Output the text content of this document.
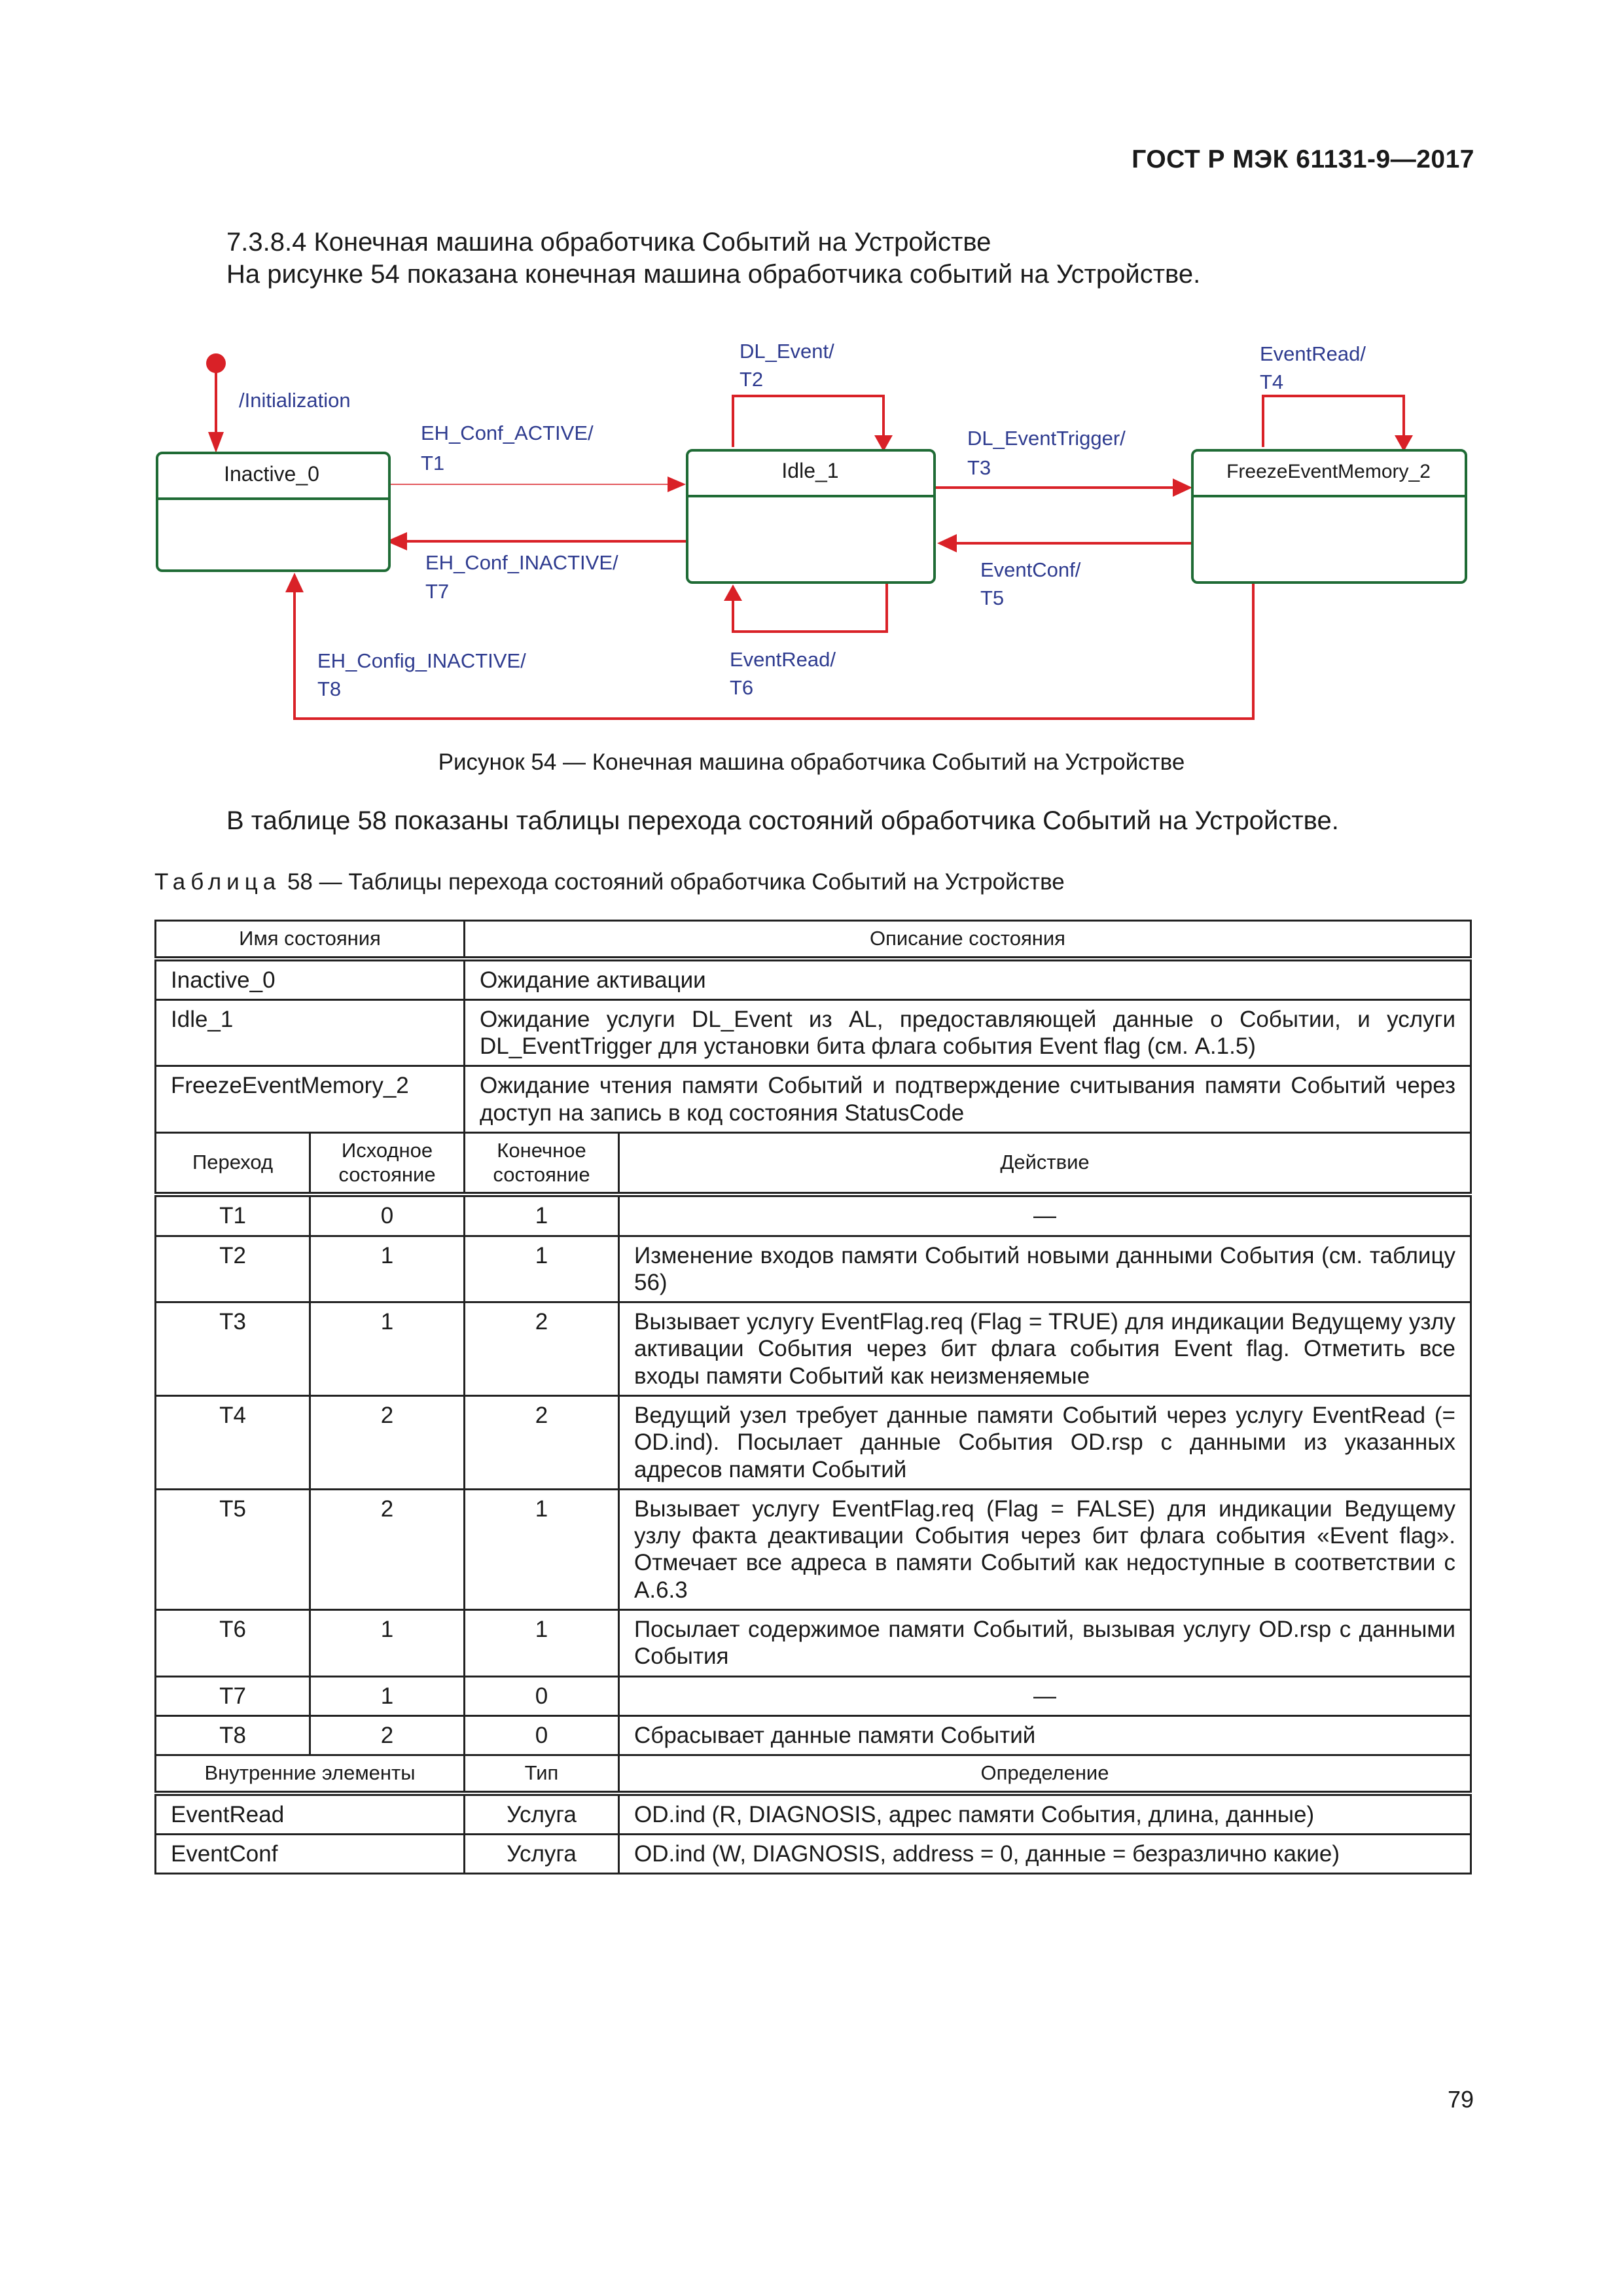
ГОСТ Р МЭК 61131-9—2017
7.3.8.4 Конечная машина обработчика Событий на Устройстве
На рисунке 54 показана конечная машина обработчика событий на Устройстве.
Inactive_0	Idle_1	FreezeEventMemory_2
/Initialization
EH_Conf_ACTIVE/
T1
DL_Event/
T2
DL_EventTrigger/
T3
EventRead/
T4
EventConf/
T5
EventRead/
T6
EH_Conf_INACTIVE/
T7
EH_Config_INACTIVE/
T8
Рисунок 54 — Конечная машина обработчика Событий на Устройстве
В таблице 58 показаны таблицы перехода состояний обработчика Событий на Устройстве.
Таблица 58 — Таблицы перехода состояний обработчика Событий на Устройстве
Имя состояния		Описание состояния	
Inactive_0		Ожидание активации	
Idle_1		Ожидание услуги DL_Event из AL, предоставляющей данные о Событии, и услуги DL_EventTrigger для установки бита флага события Event flag (см. A.1.5)	
FreezeEventMemory_2		Ожидание чтения памяти Событий и подтверждение считывания памяти Событий через доступ на запись в код состояния StatusCode	
Переход	Исходное состояние	Конечное состояние	Действие
T1	0	1	—
T2	1	1	Изменение входов памяти Событий новыми данными События (см. таблицу 56)
T3	1	2	Вызывает услугу EventFlag.req (Flag = TRUE) для индикации Ведущему узлу активации События через бит флага события Event flag. Отметить все входы памяти Событий как неизменяемые
T4	2	2	Ведущий узел требует данные памяти Событий через услугу EventRead (= OD.ind). Посылает данные События OD.rsp с данными из указанных адресов памяти Событий
T5	2	1	Вызывает услугу EventFlag.req (Flag = FALSE) для индикации Ведущему узлу факта деактивации События через бит флага события «Event flag». Отмечает все адреса в памяти Событий как недоступные в соответствии с A.6.3
T6	1	1	Посылает содержимое памяти Событий, вызывая услугу OD.rsp с данными События
T7	1	0	—
T8	2	0	Сбрасывает данные памяти Событий
Внутренние элементы		Тип	Определение
EventRead		Услуга	OD.ind (R, DIAGNOSIS, адрес памяти События, длина, данные)
EventConf		Услуга	OD.ind (W, DIAGNOSIS, address = 0, данные = безразлично какие)
79
